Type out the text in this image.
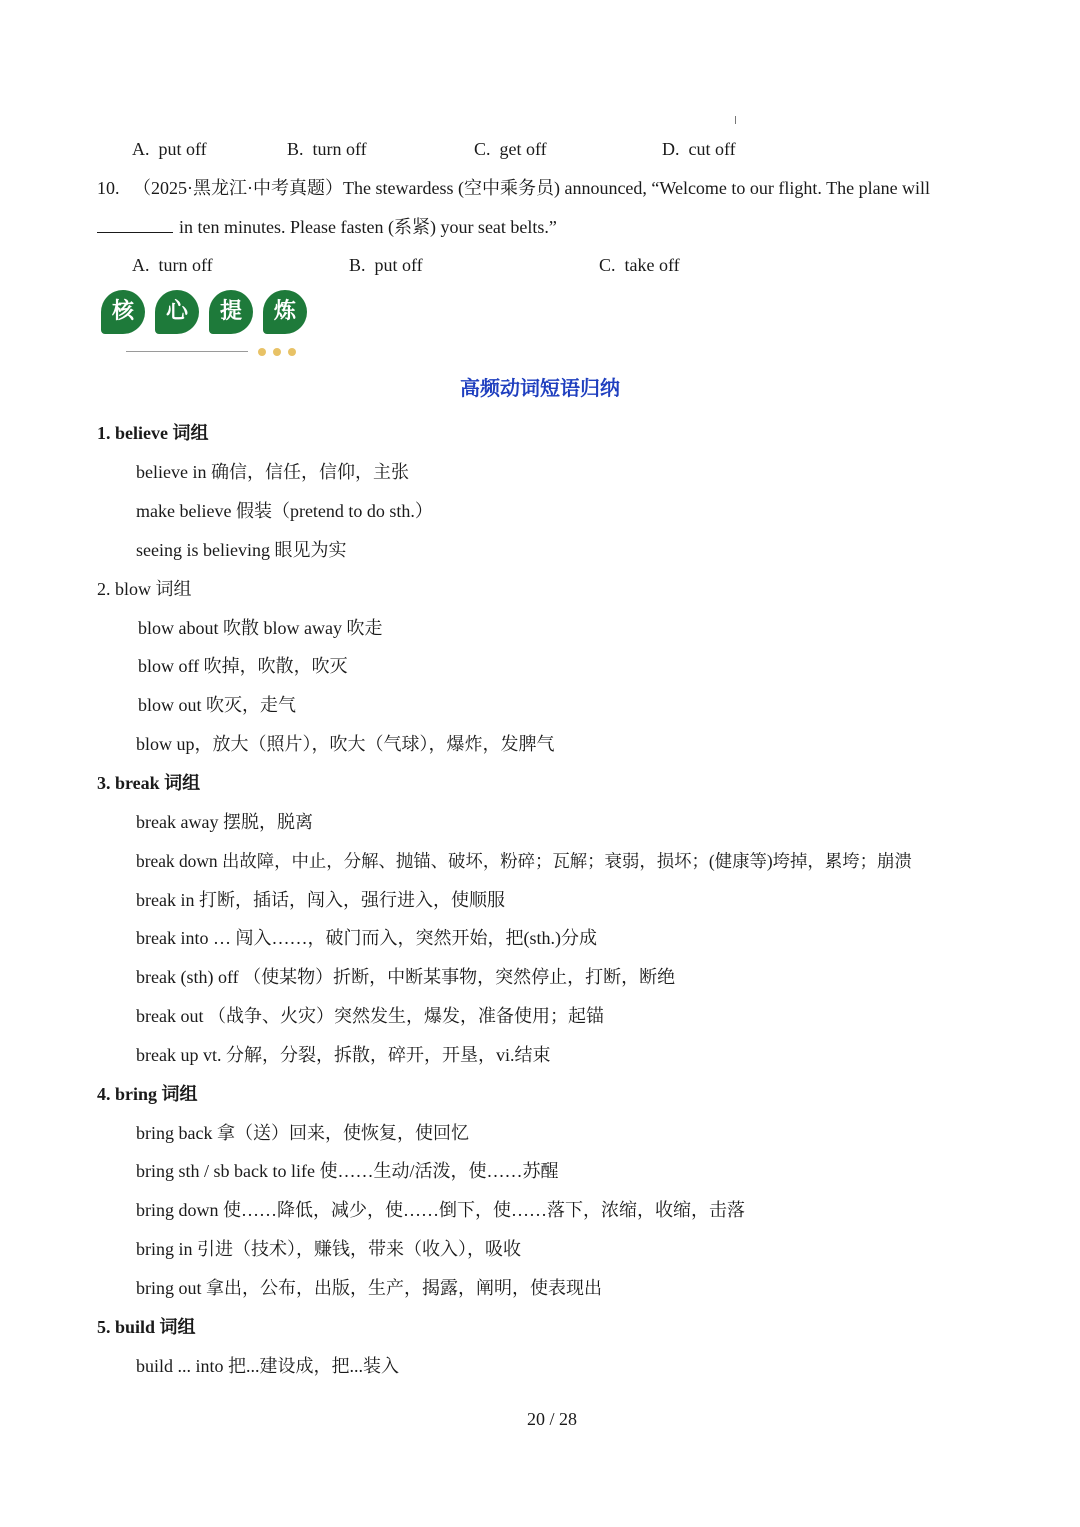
A. put off	B. turn off	C. get off	D. cut off
10. （2025·黑龙江·中考真题）The stewardess (空中乘务员) announced, “Welcome to our flight. The plane will
in ten minutes. Please fasten (系紧) your seat belts.”
A. turn off	B. put off	C. take off
核	心	提	炼
高频动词短语归纳
1. believe 词组
believe in 确信，信任，信仰，主张
make believe 假装（pretend to do sth.）
seeing is believing 眼见为实
2. blow 词组
blow about 吹散 blow away 吹走
blow off 吹掉，吹散，吹灭
blow out 吹灭，走气
blow up，放大（照片），吹大（气球），爆炸，发脾气
3. break 词组
break away 摆脱，脱离
break down 出故障，中止，分解、抛锚、破坏，粉碎；瓦解；衰弱，损坏；(健康等)垮掉，累垮；崩溃
break in 打断，插话，闯入，强行进入，使顺服
break into … 闯入……，破门而入，突然开始，把(sth.)分成
break (sth) off （使某物）折断，中断某事物，突然停止，打断，断绝
break out （战争、火灾）突然发生，爆发，准备使用；起锚
break up vt. 分解，分裂，拆散，碎开，开垦，vi.结束
4. bring 词组
bring back 拿（送）回来，使恢复，使回忆
bring sth / sb back to life 使……生动/活泼，使……苏醒
bring down 使……降低，减少，使……倒下，使……落下，浓缩，收缩，击落
bring in 引进（技术），赚钱，带来（收入），吸收
bring out 拿出，公布，出版，生产，揭露，阐明，使表现出
5. build 词组
build ... into 把...建设成，把...装入
20 / 28
